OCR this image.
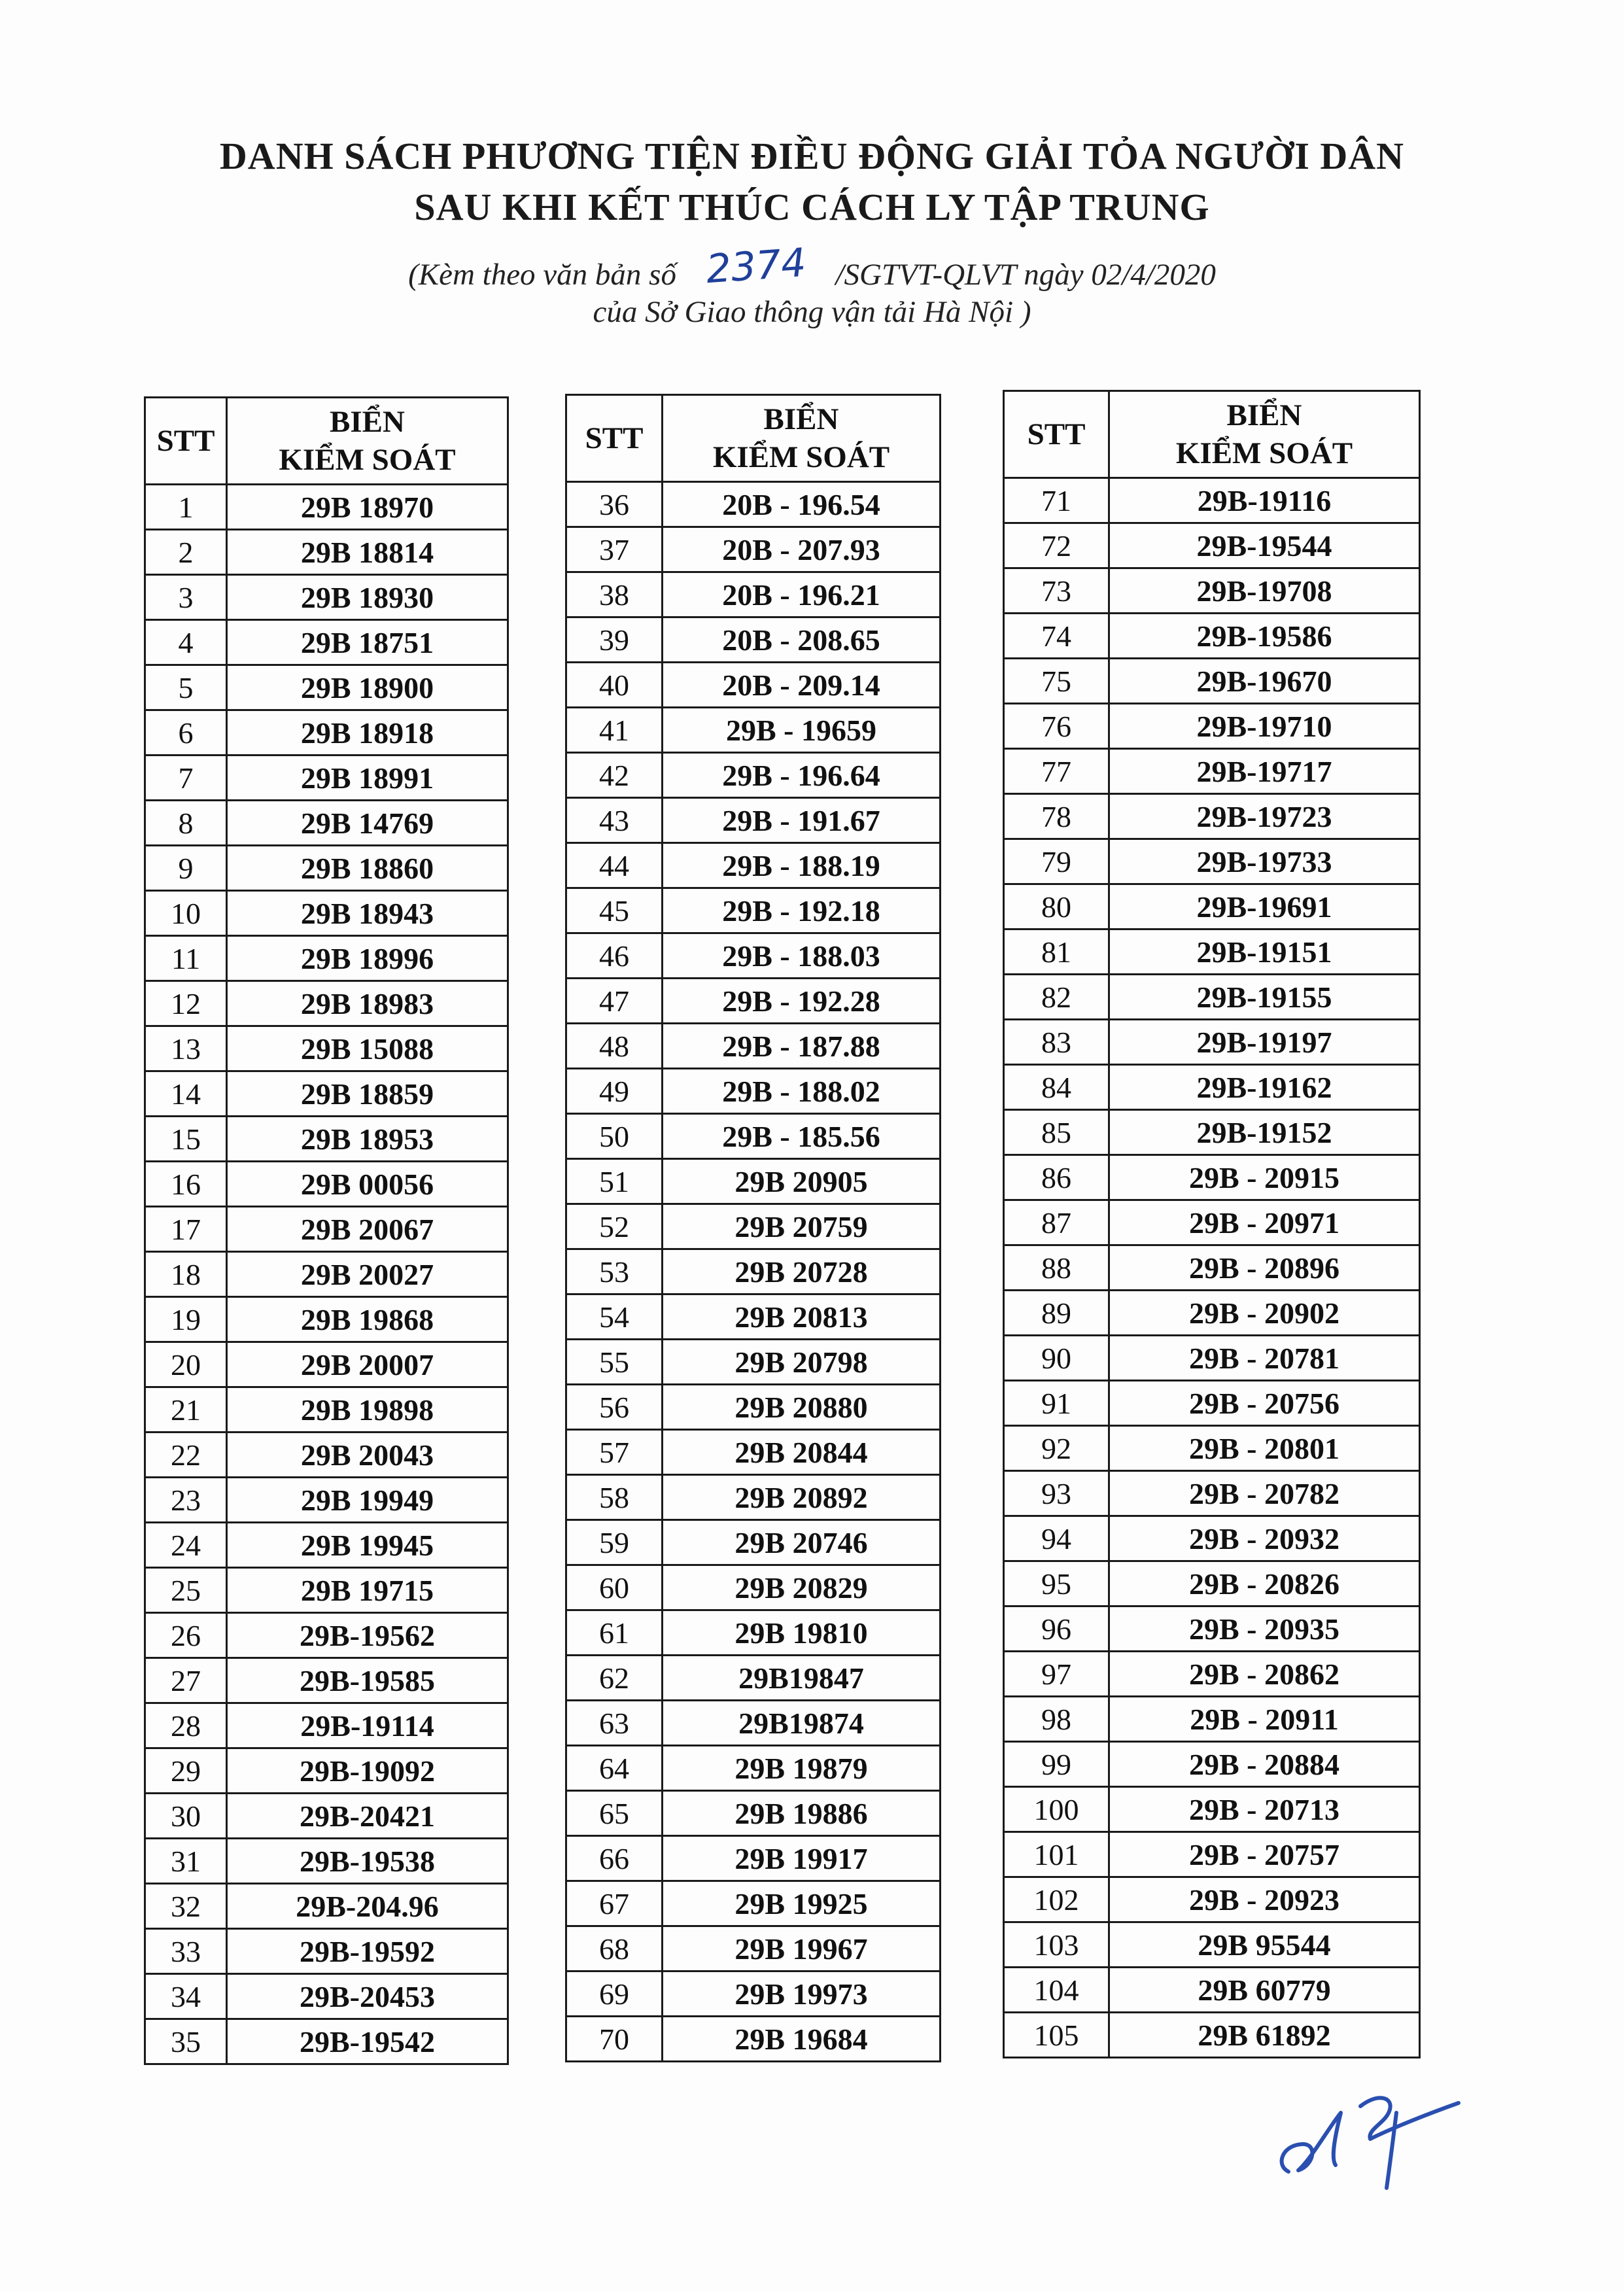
DANH SÁCH PHƯƠNG TIỆN ĐIỀU ĐỘNG GIẢI TỎA NGƯỜI DÂN
SAU KHI KẾT THÚC CÁCH LY TẬP TRUNG
(Kèm theo văn bản số 2374 /SGTVT-QLVT ngày 02/4/2020
của Sở Giao thông vận tải Hà Nội )
STT	BIỂN
KIỂM SOÁT
1	29B 18970
2	29B 18814
3	29B 18930
4	29B 18751
5	29B 18900
6	29B 18918
7	29B 18991
8	29B 14769
9	29B 18860
10	29B 18943
11	29B 18996
12	29B 18983
13	29B 15088
14	29B 18859
15	29B 18953
16	29B 00056
17	29B 20067
18	29B 20027
19	29B 19868
20	29B 20007
21	29B 19898
22	29B 20043
23	29B 19949
24	29B 19945
25	29B 19715
26	29B-19562
27	29B-19585
28	29B-19114
29	29B-19092
30	29B-20421
31	29B-19538
32	29B-204.96
33	29B-19592
34	29B-20453
35	29B-19542
STT	BIỂN
KIỂM SOÁT
36	20B - 196.54
37	20B - 207.93
38	20B - 196.21
39	20B - 208.65
40	20B - 209.14
41	29B - 19659
42	29B - 196.64
43	29B - 191.67
44	29B - 188.19
45	29B - 192.18
46	29B - 188.03
47	29B - 192.28
48	29B - 187.88
49	29B - 188.02
50	29B - 185.56
51	29B 20905
52	29B 20759
53	29B 20728
54	29B 20813
55	29B 20798
56	29B 20880
57	29B 20844
58	29B 20892
59	29B 20746
60	29B 20829
61	29B 19810
62	29B19847
63	29B19874
64	29B 19879
65	29B 19886
66	29B 19917
67	29B 19925
68	29B 19967
69	29B 19973
70	29B 19684
STT	BIỂN
KIỂM SOÁT
71	29B-19116
72	29B-19544
73	29B-19708
74	29B-19586
75	29B-19670
76	29B-19710
77	29B-19717
78	29B-19723
79	29B-19733
80	29B-19691
81	29B-19151
82	29B-19155
83	29B-19197
84	29B-19162
85	29B-19152
86	29B - 20915
87	29B - 20971
88	29B - 20896
89	29B - 20902
90	29B - 20781
91	29B - 20756
92	29B - 20801
93	29B - 20782
94	29B - 20932
95	29B - 20826
96	29B - 20935
97	29B - 20862
98	29B - 20911
99	29B - 20884
100	29B - 20713
101	29B - 20757
102	29B - 20923
103	29B 95544
104	29B 60779
105	29B 61892
